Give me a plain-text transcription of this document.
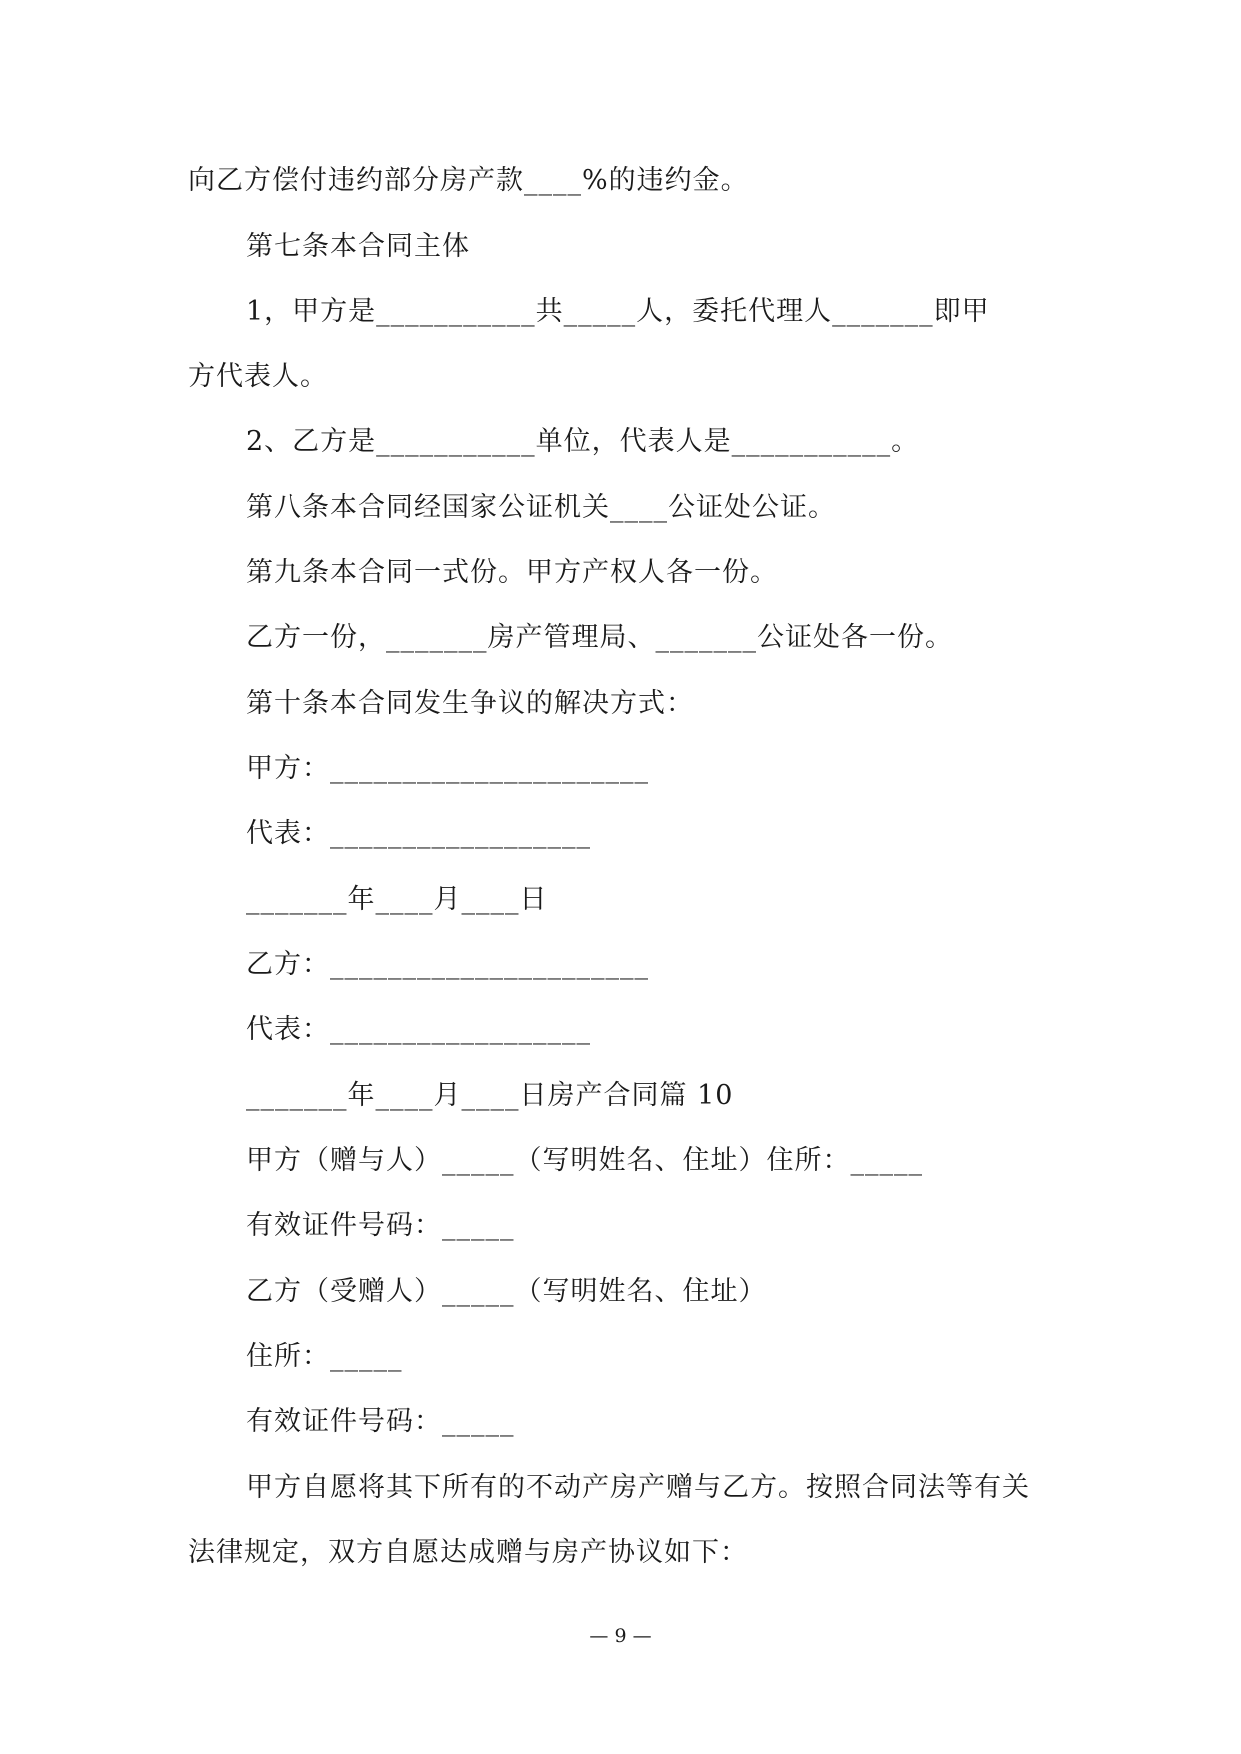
向乙方偿付违约部分房产款____%的违约金。
第七条本合同主体
1，甲方是___________共_____人，委托代理人_______即甲
方代表人。
2、乙方是___________单位，代表人是___________。
第八条本合同经国家公证机关____公证处公证。
第九条本合同一式份。甲方产权人各一份。
乙方一份，_______房产管理局、_______公证处各一份。
第十条本合同发生争议的解决方式：
甲方：______________________
代表：__________________
_______年____月____日
乙方：______________________
代表：__________________
_______年____月____日房产合同篇 10
甲方（赠与人）_____（写明姓名、住址）住所：_____
有效证件号码：_____
乙方（受赠人）_____（写明姓名、住址）
住所：_____
有效证件号码：_____
甲方自愿将其下所有的不动产房产赠与乙方。按照合同法等有关
法律规定，双方自愿达成赠与房产协议如下：
— 9 —
